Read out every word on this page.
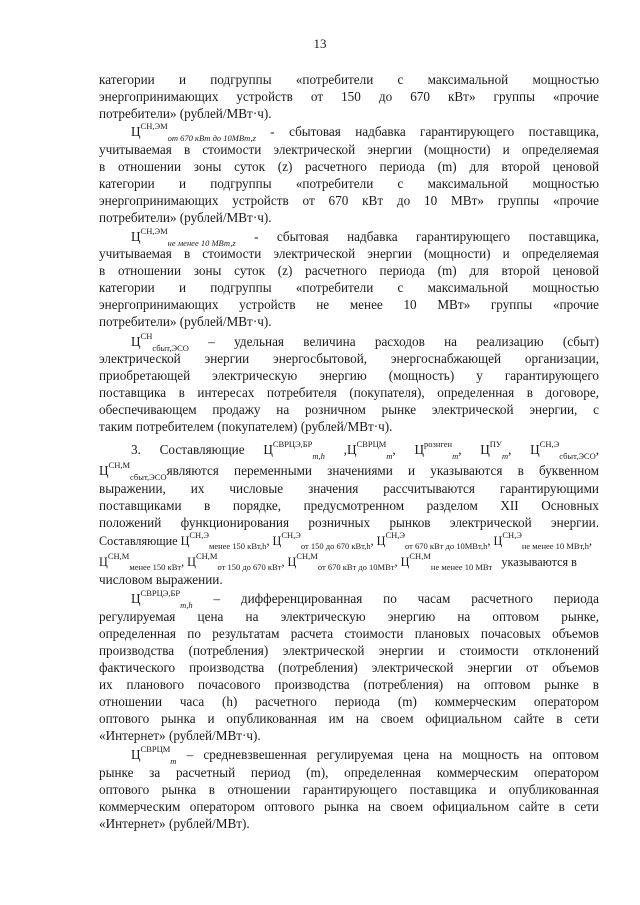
13
категории и подгруппы «потребители с максимальной мощностью
энергопринимающих устройств от 150 до 670 кВт» группы «прочие
потребители» (рублей/МВт·ч).
$Ц^{СН,ЭМ}_{от 670 кВт до 10МВт,z}$ - сбытовая надбавка гарантирующего поставщика,
учитываемая в стоимости электрической энергии (мощности) и определяемая
в отношении зоны суток (z) расчетного периода (m) для второй ценовой
категории и подгруппы «потребители с максимальной мощностью
энергопринимающих устройств от 670 кВт до 10 МВт» группы «прочие
потребители» (рублей/МВт·ч).
$Ц^{СН,ЭМ}_{не менее 10 МВт,z}$ - сбытовая надбавка гарантирующего поставщика,
учитываемая в стоимости электрической энергии (мощности) и определяемая
в отношении зоны суток (z) расчетного периода (m) для второй ценовой
категории и подгруппы «потребители с максимальной мощностью
энергопринимающих устройств не менее 10 МВт» группы «прочие
потребители» (рублей/МВт·ч).
$Ц^{СН}_{сбыт,ЭСО}$ – удельная величина расходов на реализацию (сбыт)
электрической энергии энергосбытовой, энергоснабжающей организации,
приобретающей электрическую энергию (мощность) у гарантирующего
поставщика в интересах потребителя (покупателя), определенная в договоре,
обеспечивающем продажу на розничном рынке электрической энергии, с
таким потребителем (покупателем) (рублей/МВт·ч).
3. Составляющие $Ц^{СВРЦЭ,БР}_{m,h}$ $,Ц^{СВРЦМ}_m$, $Ц^{рознген}_m$, $Ц^{ПУ}_m$, $Ц^{СН,Э}_{сбыт,ЭСО}$,
$Ц^{СН,М}_{сбыт,ЭСО}являются$ переменными значениями и указываются в буквенном
выражении, их числовые значения рассчитываются гарантирующими
поставщиками в порядке, предусмотренном разделом XII Основных
положений функционирования розничных рынков электрической энергии.
Составляющие $Ц^{СН,Э}_{менее 150 кВт,h}$, $Ц^{СН,Э}_{от 150 до 670 кВт,h}$, $Ц^{СН,Э}_{от 670 кВт до 10МВт,h}$, $Ц^{СН,Э}_{не менее 10 МВт,h}$,
$Ц^{СН,М}_{менее 150 кВт}$, $Ц^{СН,М}_{от 150 до 670 кВт}$, $Ц^{СН,М}_{от 670 кВт до 10МВт}$, $Ц^{СН,М}_{не менее 10 МВт}$ указываются в
числовом выражении.
$Ц^{СВРЦЭ,БР}_{m,h}$ – дифференцированная по часам расчетного периода
регулируемая цена на электрическую энергию на оптовом рынке,
определенная по результатам расчета стоимости плановых почасовых объемов
производства (потребления) электрической энергии и стоимости отклонений
фактического производства (потребления) электрической энергии от объемов
их планового почасового производства (потребления) на оптовом рынке в
отношении часа (h) расчетного периода (m) коммерческим оператором
оптового рынка и опубликованная им на своем официальном сайте в сети
«Интернет» (рублей/МВт·ч).
$Ц^{СВРЦМ}_m$ – средневзвешенная регулируемая цена на мощность на оптовом
рынке за расчетный период (m), определенная коммерческим оператором
оптового рынка в отношении гарантирующего поставщика и опубликованная
коммерческим оператором оптового рынка на своем официальном сайте в сети
«Интернет» (рублей/МВт).
